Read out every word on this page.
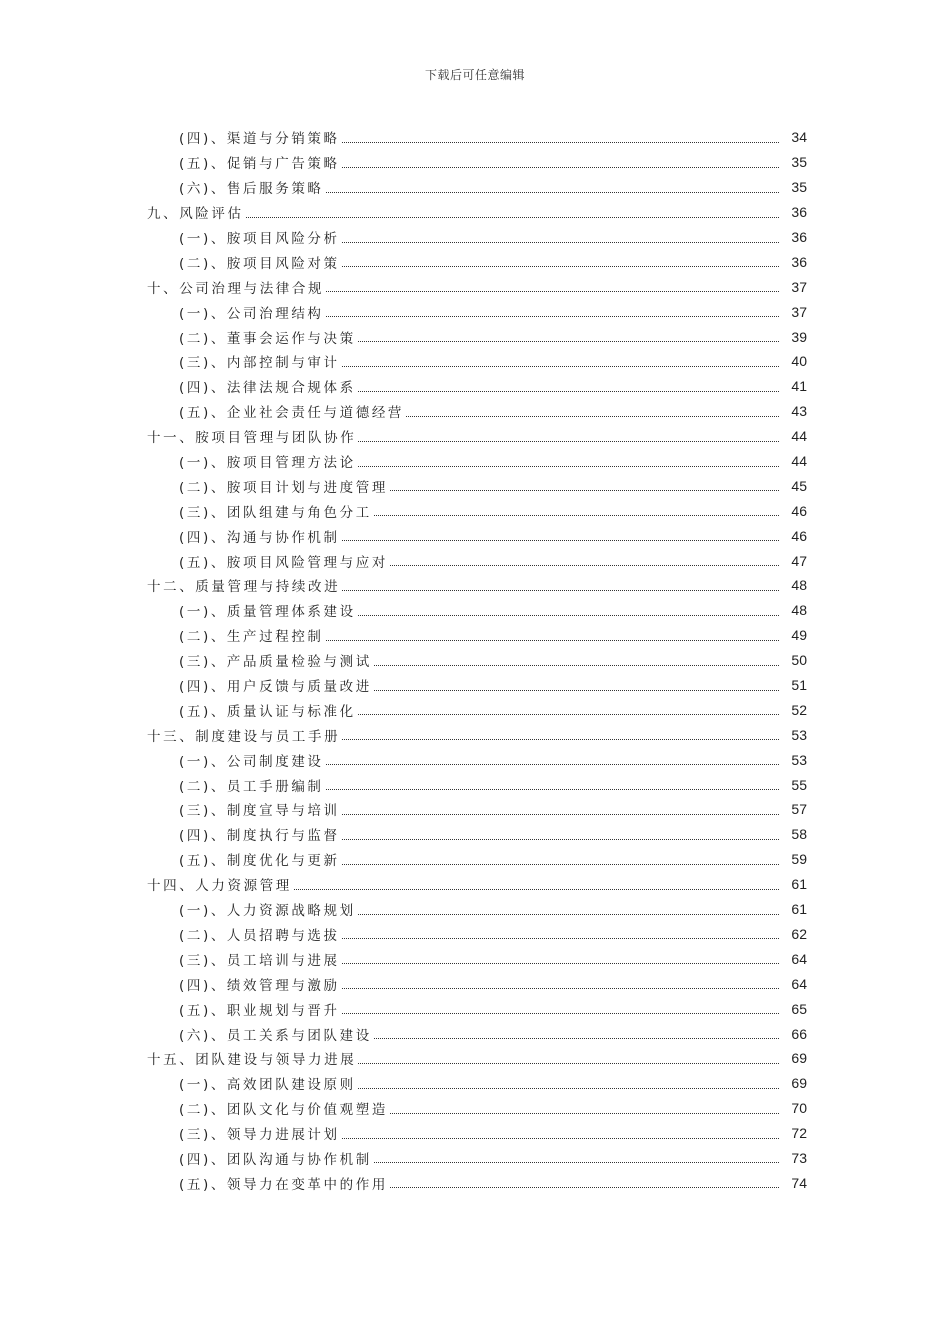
下载后可任意编辑
(四)、渠道与分销策略	34
(五)、促销与广告策略	35
(六)、售后服务策略	35
九、风险评估	36
(一)、胺项目风险分析	36
(二)、胺项目风险对策	36
十、公司治理与法律合规	37
(一)、公司治理结构	37
(二)、董事会运作与决策	39
(三)、内部控制与审计	40
(四)、法律法规合规体系	41
(五)、企业社会责任与道德经营	43
十一、胺项目管理与团队协作	44
(一)、胺项目管理方法论	44
(二)、胺项目计划与进度管理	45
(三)、团队组建与角色分工	46
(四)、沟通与协作机制	46
(五)、胺项目风险管理与应对	47
十二、质量管理与持续改进	48
(一)、质量管理体系建设	48
(二)、生产过程控制	49
(三)、产品质量检验与测试	50
(四)、用户反馈与质量改进	51
(五)、质量认证与标准化	52
十三、制度建设与员工手册	53
(一)、公司制度建设	53
(二)、员工手册编制	55
(三)、制度宣导与培训	57
(四)、制度执行与监督	58
(五)、制度优化与更新	59
十四、人力资源管理	61
(一)、人力资源战略规划	61
(二)、人员招聘与选拔	62
(三)、员工培训与进展	64
(四)、绩效管理与激励	64
(五)、职业规划与晋升	65
(六)、员工关系与团队建设	66
十五、团队建设与领导力进展	69
(一)、高效团队建设原则	69
(二)、团队文化与价值观塑造	70
(三)、领导力进展计划	72
(四)、团队沟通与协作机制	73
(五)、领导力在变革中的作用	74
